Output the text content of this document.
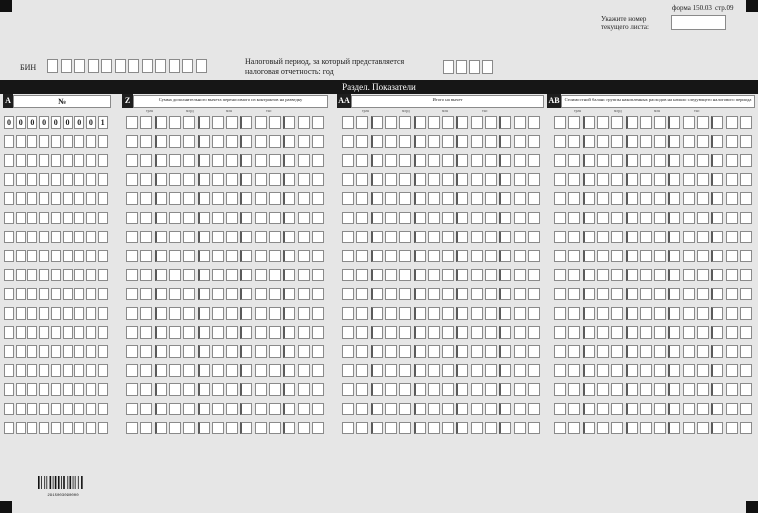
форма 150.03 стр.09
Укажите номер
текущего листа:
БИН
Налоговый период, за который представляется
налоговая отчетность: год
Раздел. Показатели
A	№	Z	Сумма дополнительного вычета переносимого из контрактов на разведку	AA	Итого на вычет	AB	Стоимостной баланс группы накопленных расходов на начало следующего налогового периода
трлн	млрд	млн	тыс	трлн	млрд	млн	тыс	трлн	млрд	млн	тыс
0 0 0 0 0 0 0 0 1
2915003090000
